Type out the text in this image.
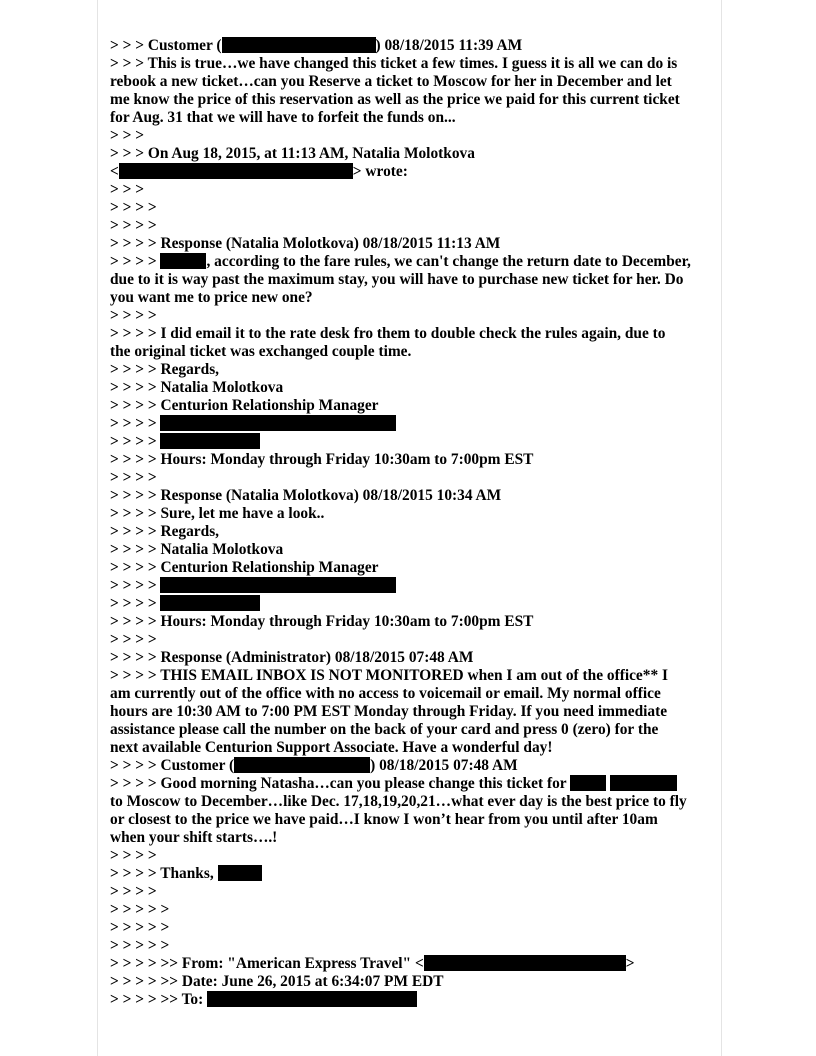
> > > Customer (	) 08/18/2015 11:39 AM
> > > This is true…we have changed this ticket a few times. I guess it is all we can do is
rebook a new ticket…can you Reserve a ticket to Moscow for her in December and let
me know the price of this reservation as well as the price we paid for this current ticket
for Aug. 31 that we will have to forfeit the funds on...
> > >
> > > On Aug 18, 2015, at 11:13 AM, Natalia Molotkova
<	> wrote:
> > >
> > > >
> > > >
> > > > Response (Natalia Molotkova) 08/18/2015 11:13 AM
> > > >	, according to the fare rules, we can't change the return date to December,
due to it is way past the maximum stay, you will have to purchase new ticket for her. Do
you want me to price new one?
> > > >
> > > > I did email it to the rate desk fro them to double check the rules again, due to
the original ticket was exchanged couple time.
> > > > Regards,
> > > > Natalia Molotkova
> > > > Centurion Relationship Manager
> > > >
> > > >
> > > > Hours: Monday through Friday 10:30am to 7:00pm EST
> > > >
> > > > Response (Natalia Molotkova) 08/18/2015 10:34 AM
> > > > Sure, let me have a look..
> > > > Regards,
> > > > Natalia Molotkova
> > > > Centurion Relationship Manager
> > > >
> > > >
> > > > Hours: Monday through Friday 10:30am to 7:00pm EST
> > > >
> > > > Response (Administrator) 08/18/2015 07:48 AM
> > > > THIS EMAIL INBOX IS NOT MONITORED when I am out of the office** I
am currently out of the office with no access to voicemail or email. My normal office
hours are 10:30 AM to 7:00 PM EST Monday through Friday. If you need immediate
assistance please call the number on the back of your card and press 0 (zero) for the
next available Centurion Support Associate. Have a wonderful day!
> > > > Customer (	) 08/18/2015 07:48 AM
> > > > Good morning Natasha…can you please change this ticket for
to Moscow to December…like Dec. 17,18,19,20,21…what ever day is the best price to fly
or closest to the price we have paid…I know I won’t hear from you until after 10am
when your shift starts….!
> > > >
> > > > Thanks,
> > > >
> > > > >
> > > > >
> > > > >
> > > > >> From: "American Express Travel" <	>
> > > > >> Date: June 26, 2015 at 6:34:07 PM EDT
> > > > >> To:
